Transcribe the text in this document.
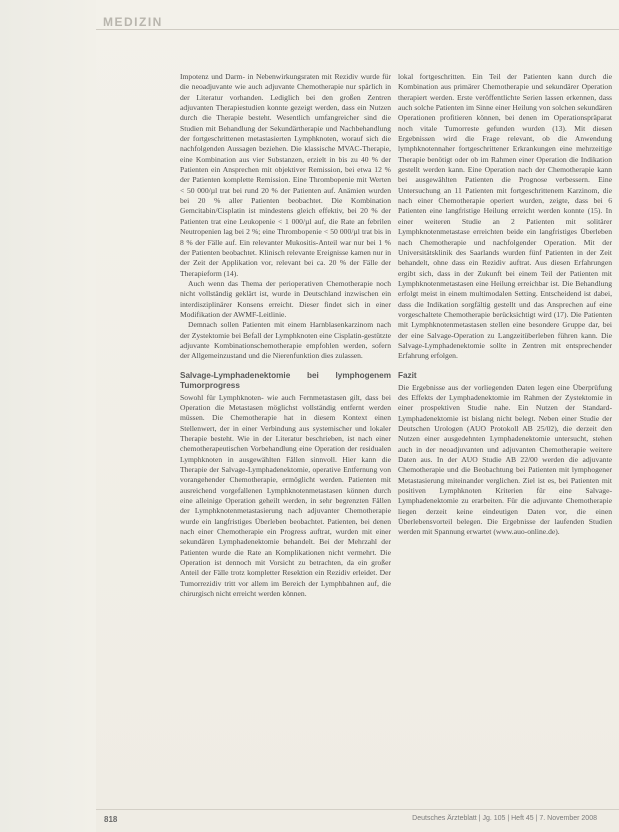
MEDIZIN

Impotenz und Darm- in Nebenwirkungsraten mit Rezidiv wurde für die neoadjuvante wie auch adjuvante Chemotherapie nur spärlich in der Literatur vorhanden. Lediglich bei den großen Zentren adjuvanten Therapiestudien konnte gezeigt werden, dass ein Nutzen durch die Therapie besteht. Wesentlich umfangreicher sind die Studien mit Behandlung der Sekundärtherapie und Nachbehandlung der fortgeschrittenen metastasierten Lymphknoten, worauf sich die nachfolgenden Aussagen beziehen. Die klassische MVAC-Therapie, eine Kombination aus vier Substanzen, erzielt in bis zu 40 % der Patienten ein Ansprechen mit objektiver Remission, bei etwa 12 % der Patienten komplette Remission. Eine Thrombopenie mit Werten < 50 000/µl trat bei rund 20 % der Patienten auf. Anämien wurden bei 20 % aller Patienten beobachtet. Die Kombination Gemcitabin/Cisplatin ist mindestens gleich effektiv, bei 20 % der Patienten trat eine Leukopenie < 1 000/µl auf, die Rate an febrilen Neutropenien lag bei 2 %; eine Thrombopenie < 50 000/µl trat bis in 8 % der Fälle auf. Ein relevanter Mukositis-Anteil war nur bei 1 % der Patienten beobachtet. Klinisch relevante Ereignisse kamen nur in der Zeit der Applikation vor, relevant bei ca. 20 % der Fälle der Therapieform (14).

Auch wenn das Thema der perioperativen Chemotherapie noch nicht vollständig geklärt ist, wurde in Deutschland inzwischen ein interdisziplinärer Konsens erreicht. Dieser findet sich in einer Modifikation der AWMF-Leitlinie.

Demnach sollen Patienten mit einem Harnblasenkarzinom nach der Zystektomie bei Befall der Lymphknoten eine Cisplatin-gestützte adjuvante Kombinationschemotherapie empfohlen werden, sofern der Allgemeinzustand und die Nierenfunktion dies zulassen.

Salvage-Lymphadenektomie bei lymphogenem Tumorprogress

Sowohl für Lymphknoten- wie auch Fernmetastasen gilt, dass bei Operation die Metastasen möglichst vollständig entfernt werden müssen. Die Chemotherapie hat in diesem Kontext einen Stellenwert, der in einer Verbindung aus systemischer und lokaler Therapie besteht. Wie in der Literatur beschrieben, ist nach einer chemotherapeutischen Vorbehandlung eine Operation der residualen Lymphknoten in ausgewählten Fällen sinnvoll. Hier kann die Therapie der Salvage-Lymphadenektomie, operative Entfernung von vorangehender Chemotherapie, ermöglicht werden. Patienten mit ausreichend vorgefallenen Lymphknotenmetastasen können durch eine alleinige Operation geheilt werden, in sehr begrenzten Fällen der Lymphknotenmetastasierung nach adjuvanter Chemotherapie wurde ein langfristiges Überleben beobachtet. Patienten, bei denen nach einer Chemotherapie ein Progress auftrat, wurden mit einer sekundären Lymphadenektomie behandelt. Bei der Mehrzahl der Patienten wurde die Rate an Komplikationen nicht vermehrt. Die Operation ist dennoch mit Vorsicht zu betrachten, da ein großer Anteil der Fälle trotz kompletter Resektion ein Rezidiv erleidet. Der Tumorrezidiv tritt vor allem im Bereich der Lymphbahnen auf, die chirurgisch nicht erreicht werden können.

lokal fortgeschritten. Ein Teil der Patienten kann durch die Kombination aus primärer Chemotherapie und sekundärer Operation therapiert werden. Erste veröffentlichte Serien lassen erkennen, dass auch solche Patienten im Sinne einer Heilung von solchen sekundären Operationen profitieren können, bei denen im Operationspräparat noch vitale Tumorreste gefunden wurden (13). Mit diesen Ergebnissen wird die Frage relevant, ob die Anwendung lymphknotennaher fortgeschrittener Erkrankungen eine mehrzeitige Therapie benötigt oder ob im Rahmen einer Operation die Indikation gestellt werden kann. Eine Operation nach der Chemotherapie kann bei ausgewählten Patienten die Prognose verbessern. Eine Untersuchung an 11 Patienten mit fortgeschrittenem Karzinom, die nach einer Chemotherapie operiert wurden, zeigte, dass bei 6 Patienten eine langfristige Heilung erreicht werden konnte (15). In einer weiteren Studie an 2 Patienten mit solitärer Lymphknotenmetastase erreichten beide ein langfristiges Überleben nach Chemotherapie und nachfolgender Operation. Mit der Universitätsklinik des Saarlands wurden fünf Patienten in der Zeit behandelt, ohne dass ein Rezidiv auftrat. Aus diesen Erfahrungen ergibt sich, dass in der Zukunft bei einem Teil der Patienten mit Lymphknotenmetastasen eine Heilung erreichbar ist. Die Behandlung erfolgt meist in einem multimodalen Setting. Entscheidend ist dabei, dass die Indikation sorgfältig gestellt und das Ansprechen auf eine vorgeschaltete Chemotherapie berücksichtigt wird (17). Die Patienten mit Lymphknotenmetastasen stellen eine besondere Gruppe dar, bei der eine Salvage-Operation zu Langzeitüberleben führen kann. Die Salvage-Lymphadenektomie sollte in Zentren mit entsprechender Erfahrung erfolgen.

Fazit

Die Ergebnisse aus der vorliegenden Daten legen eine Überprüfung des Effekts der Lymphadenektomie im Rahmen der Zystektomie in einer prospektiven Studie nahe. Ein Nutzen der Standard-Lymphadenektomie ist bislang nicht belegt. Neben einer Studie der Deutschen Urologen (AUO Protokoll AB 25/02), die derzeit den Nutzen einer ausgedehnten Lymphadenektomie untersucht, stehen auch in der neoadjuvanten und adjuvanten Chemotherapie weitere Daten aus. In der AUO Studie AB 22/00 werden die adjuvante Chemotherapie und die Beobachtung bei Patienten mit lymphogener Metastasierung miteinander verglichen. Ziel ist es, bei Patienten mit positiven Lymphknoten Kriterien für eine Salvage-Lymphadenektomie zu erarbeiten. Für die adjuvante Chemotherapie liegen derzeit keine eindeutigen Daten vor, die einen Überlebensvorteil belegen. Die Ergebnisse der laufenden Studien werden mit Spannung erwartet (www.auo-online.de).

818	Deutsches Ärzteblatt | Jg. 105 | Heft 45 | 7. November 2008
